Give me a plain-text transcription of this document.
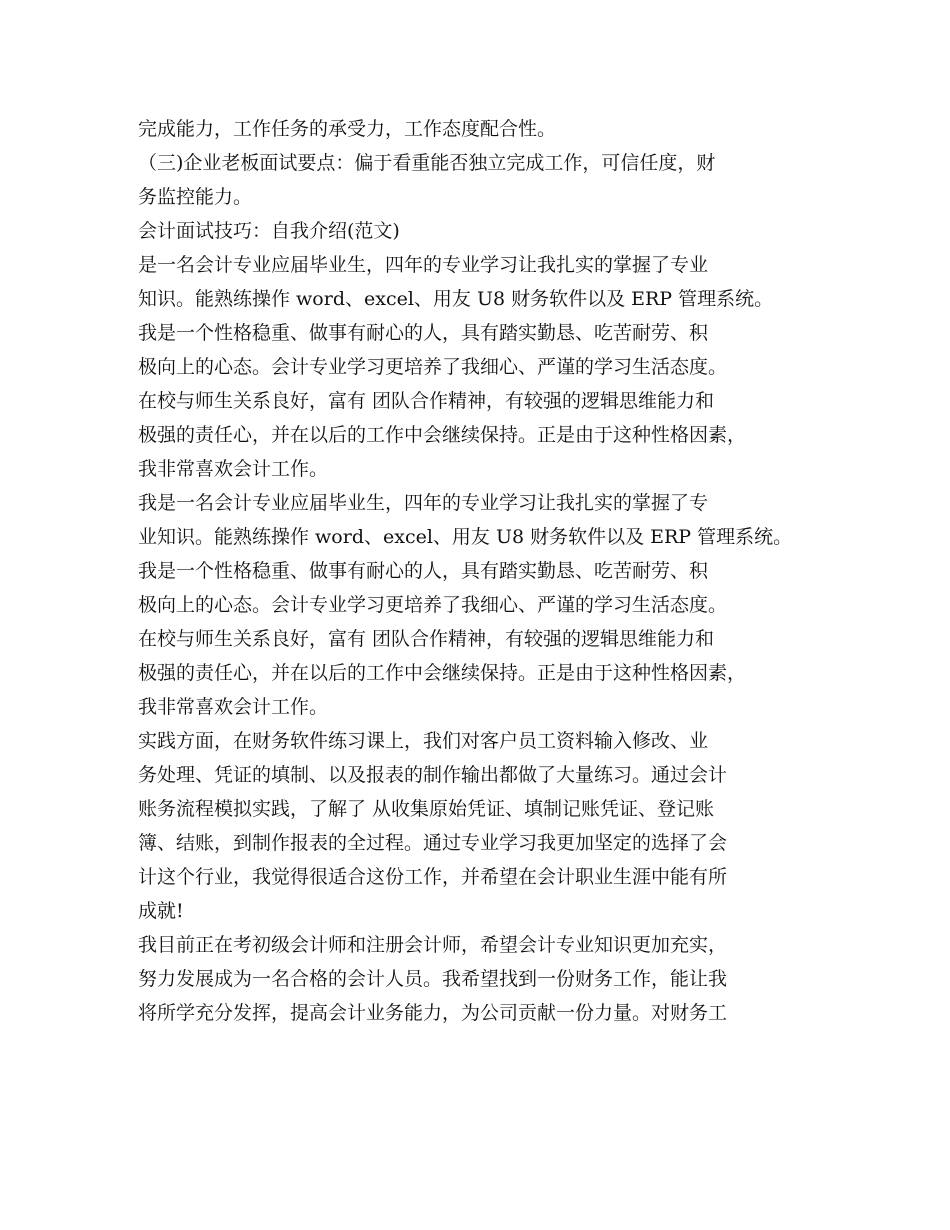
完成能力，工作任务的承受力，工作态度配合性。
（三)企业老板面试要点：偏于看重能否独立完成工作，可信任度，财
务监控能力。
会计面试技巧：自我介绍(范文)
是一名会计专业应届毕业生，四年的专业学习让我扎实的掌握了专业
知识。能熟练操作 word、excel、用友 U8 财务软件以及 ERP 管理系统。
我是一个性格稳重、做事有耐心的人，具有踏实勤恳、吃苦耐劳、积
极向上的心态。会计专业学习更培养了我细心、严谨的学习生活态度。
在校与师生关系良好，富有 团队合作精神，有较强的逻辑思维能力和
极强的责任心，并在以后的工作中会继续保持。正是由于这种性格因素，
我非常喜欢会计工作。
我是一名会计专业应届毕业生，四年的专业学习让我扎实的掌握了专
业知识。能熟练操作 word、excel、用友 U8 财务软件以及 ERP 管理系统。
我是一个性格稳重、做事有耐心的人，具有踏实勤恳、吃苦耐劳、积
极向上的心态。会计专业学习更培养了我细心、严谨的学习生活态度。
在校与师生关系良好，富有 团队合作精神，有较强的逻辑思维能力和
极强的责任心，并在以后的工作中会继续保持。正是由于这种性格因素，
我非常喜欢会计工作。
实践方面，在财务软件练习课上，我们对客户员工资料输入修改、业
务处理、凭证的填制、以及报表的制作输出都做了大量练习。通过会计
账务流程模拟实践，了解了 从收集原始凭证、填制记账凭证、登记账
簿、结账，到制作报表的全过程。通过专业学习我更加坚定的选择了会
计这个行业，我觉得很适合这份工作，并希望在会计职业生涯中能有所
成就!
我目前正在考初级会计师和注册会计师，希望会计专业知识更加充实，
努力发展成为一名合格的会计人员。我希望找到一份财务工作，能让我
将所学充分发挥，提高会计业务能力，为公司贡献一份力量。对财务工
